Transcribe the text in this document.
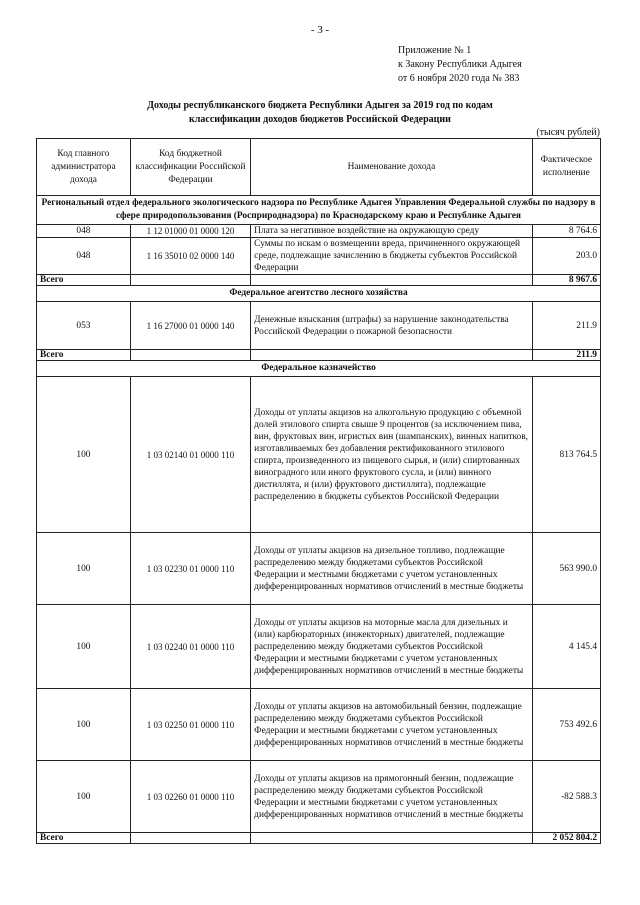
- 3 -
Приложение № 1
к Закону Республики Адыгея
от 6 ноября 2020 года № 383
Доходы республиканского бюджета Республики Адыгея за 2019 год по кодам
классификации доходов бюджетов Российской Федерации
(тысяч рублей)
Код главного администратора дохода	Код бюджетной классификации Российской Федерации	Наименование дохода	Фактическое исполнение
Региональный отдел федерального экологического надзора по Республике Адыгея Управления Федеральной службы по надзору в сфере природопользования (Росприроднадзора) по Краснодарскому краю и Республике Адыгея			
048	1 12 01000 01 0000 120	Плата за негативное воздействие на окружающую среду	8 764.6
048	1 16 35010 02 0000 140	Суммы по искам о возмещении вреда, причиненного окружающей среде, подлежащие зачислению в бюджеты субъектов Российской Федерации	203.0
Всего			8 967.6
Федеральное агентство лесного хозяйства			
053	1 16 27000 01 0000 140	Денежные взыскания (штрафы) за нарушение законодательства Российской Федерации о пожарной безопасности	211.9
Всего			211.9
Федеральное казначейство			
100	1 03 02140 01 0000 110	Доходы от уплаты акцизов на алкогольную продукцию с объемной долей этилового спирта свыше 9 процентов (за исключением пива, вин, фруктовых вин, игристых вин (шампанских), винных напитков, изготавливаемых без добавления ректификованного этилового спирта, произведенного из пищевого сырья, и (или) спиртованных виноградного или иного фруктового сусла, и (или) винного дистиллята, и (или) фруктового дистиллята), подлежащие распределению в бюджеты субъектов Российской Федерации	813 764.5
100	1 03 02230 01 0000 110	Доходы от уплаты акцизов на дизельное топливо, подлежащие распределению между бюджетами субъектов Российской Федерации и местными бюджетами с учетом установленных дифференцированных нормативов отчислений в местные бюджеты	563 990.0
100	1 03 02240 01 0000 110	Доходы от уплаты акцизов на моторные масла для дизельных и (или) карбюраторных (инжекторных) двигателей, подлежащие распределению между бюджетами субъектов Российской Федерации и местными бюджетами с учетом установленных дифференцированных нормативов отчислений в местные бюджеты	4 145.4
100	1 03 02250 01 0000 110	Доходы от уплаты акцизов на автомобильный бензин, подлежащие распределению между бюджетами субъектов Российской Федерации и местными бюджетами с учетом установленных дифференцированных нормативов отчислений в местные бюджеты	753 492.6
100	1 03 02260 01 0000 110	Доходы от уплаты акцизов на прямогонный бензин, подлежащие распределению между бюджетами субъектов Российской Федерации и местными бюджетами с учетом установленных дифференцированных нормативов отчислений в местные бюджеты	-82 588.3
Всего			2 052 804.2
